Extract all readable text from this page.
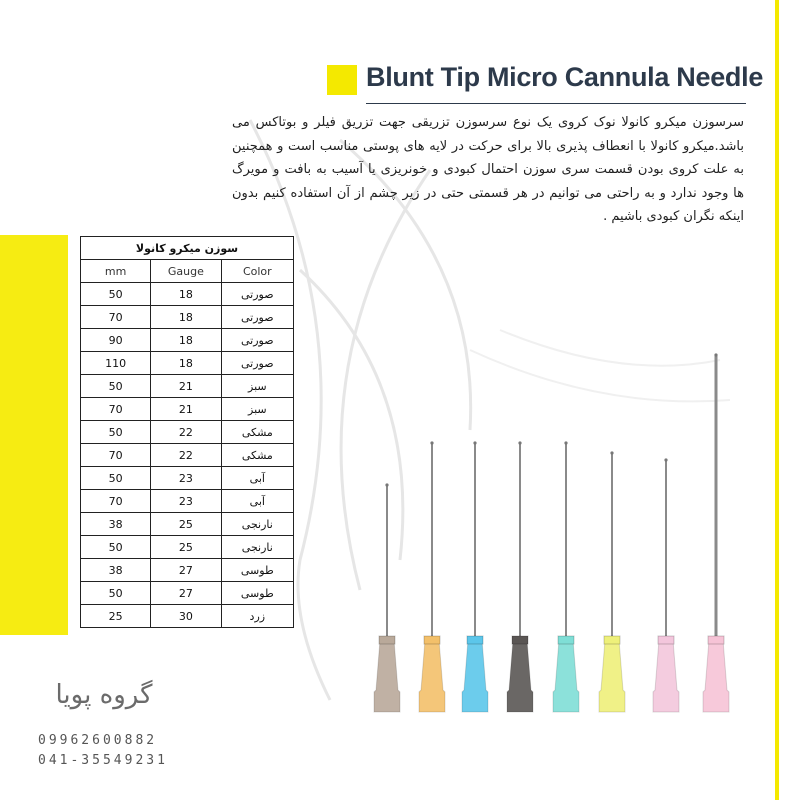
Blunt Tip Micro Cannula Needle
سرسوزن میکرو کانولا نوک کروی یک نوع سرسوزن تزریقی جهت تزریق فیلر و بوتاکس می باشد.میکرو کانولا با انعطاف پذیری بالا برای حرکت در لایه های پوستی مناسب است و همچنین به علت کروی بودن قسمت سری سوزن احتمال کبودی و خونریزی یا آسیب به بافت و مویرگ ها وجود ندارد و به راحتی می توانیم در هر قسمتی حتی در زیر چشم از آن استفاده کنیم بدون اینکه نگران کبودی باشیم .
سوزن میکرو کانولا		
mm	Gauge	Color
50	18	صورتی
70	18	صورتی
90	18	صورتی
110	18	صورتی
50	21	سبز
70	21	سبز
50	22	مشکی
70	22	مشکی
50	23	آبی
70	23	آبی
38	25	نارنجی
50	25	نارنجی
38	27	طوسی
50	27	طوسی
25	30	زرد
گروه پویا
09962600882
041-35549231
